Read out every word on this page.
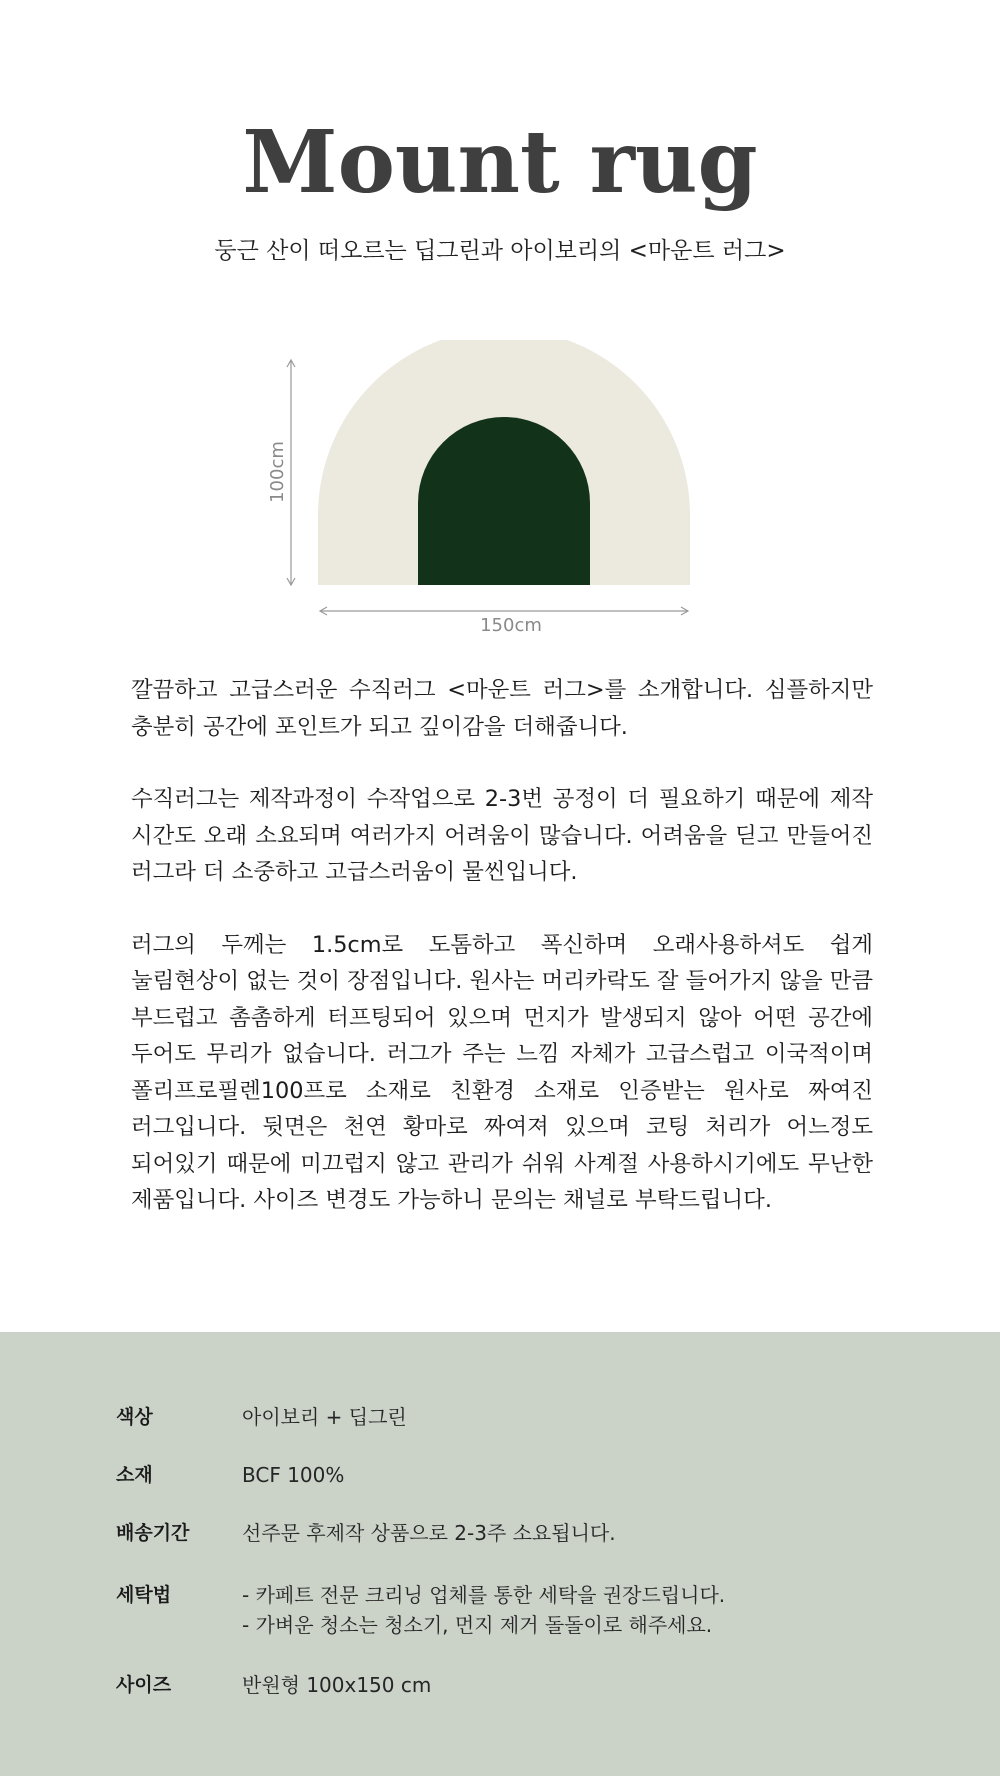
Mount rug

둥근 산이 떠오르는 딥그린과 아이보리의 <마운트 러그>

100cm
150cm

깔끔하고 고급스러운 수직러그 <마운트 러그>를 소개합니다. 심플하지만 충분히 공간에 포인트가 되고 깊이감을 더해줍니다.

수직러그는 제작과정이 수작업으로 2-3번 공정이 더 필요하기 때문에 제작 시간도 오래 소요되며 여러가지 어려움이 많습니다. 어려움을 딛고 만들어진 러그라 더 소중하고 고급스러움이 물씬입니다.

러그의 두께는 1.5cm로 도톰하고 폭신하며 오래사용하셔도 쉽게 눌림현상이 없는 것이 장점입니다. 원사는 머리카락도 잘 들어가지 않을 만큼 부드럽고 촘촘하게 터프팅되어 있으며 먼지가 발생되지 않아 어떤 공간에 두어도 무리가 없습니다. 러그가 주는 느낌 자체가 고급스럽고 이국적이며 폴리프로필렌100프로 소재로 친환경 소재로 인증받는 원사로 짜여진 러그입니다. 뒷면은 천연 황마로 짜여져 있으며 코팅 처리가 어느정도 되어있기 때문에 미끄럽지 않고 관리가 쉬워 사계절 사용하시기에도 무난한 제품입니다. 사이즈 변경도 가능하니 문의는 채널로 부탁드립니다.

색상	아이보리 + 딥그린
소재	BCF 100%
배송기간	선주문 후제작 상품으로 2-3주 소요됩니다.
세탁법	- 카페트 전문 크리닝 업체를 통한 세탁을 권장드립니다.
- 가벼운 청소는 청소기, 먼지 제거 돌돌이로 해주세요.
사이즈	반원형 100x150 cm
